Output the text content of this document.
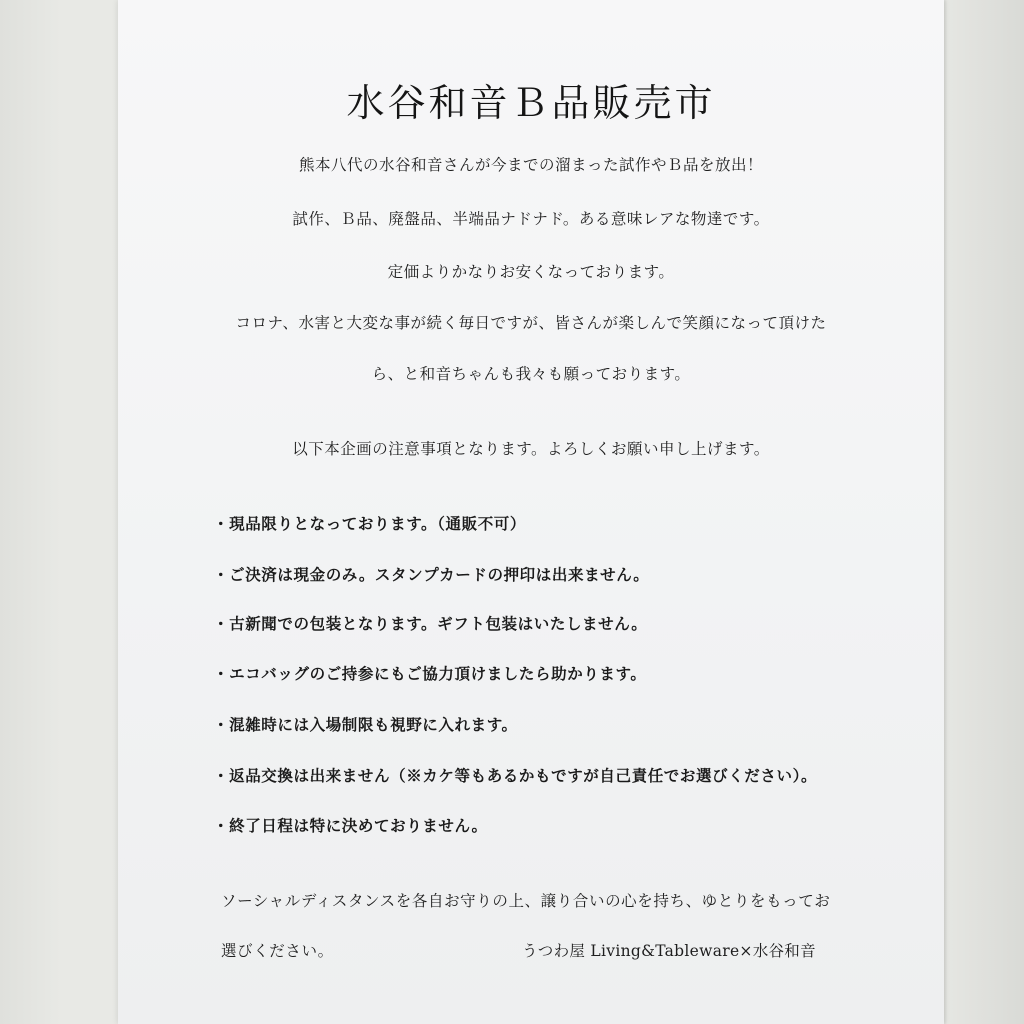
水谷和音Ｂ品販売市
熊本八代の水谷和音さんが今までの溜まった試作やＢ品を放出！
試作、Ｂ品、廃盤品、半端品ナドナド。ある意味レアな物達です。
定価よりかなりお安くなっております。
コロナ、水害と大変な事が続く毎日ですが、皆さんが楽しんで笑顔になって頂けた
ら、と和音ちゃんも我々も願っております。
以下本企画の注意事項となります。よろしくお願い申し上げます。
・現品限りとなっております。（通販不可）
・ご決済は現金のみ。スタンプカードの押印は出来ません。
・古新聞での包装となります。ギフト包装はいたしません。
・エコバッグのご持参にもご協力頂けましたら助かります。
・混雑時には入場制限も視野に入れます。
・返品交換は出来ません（※カケ等もあるかもですが自己責任でお選びください）。
・終了日程は特に決めておりません。
ソーシャルディスタンスを各自お守りの上、譲り合いの心を持ち、ゆとりをもってお
選びください。	うつわ屋 Living&Tableware×水谷和音
